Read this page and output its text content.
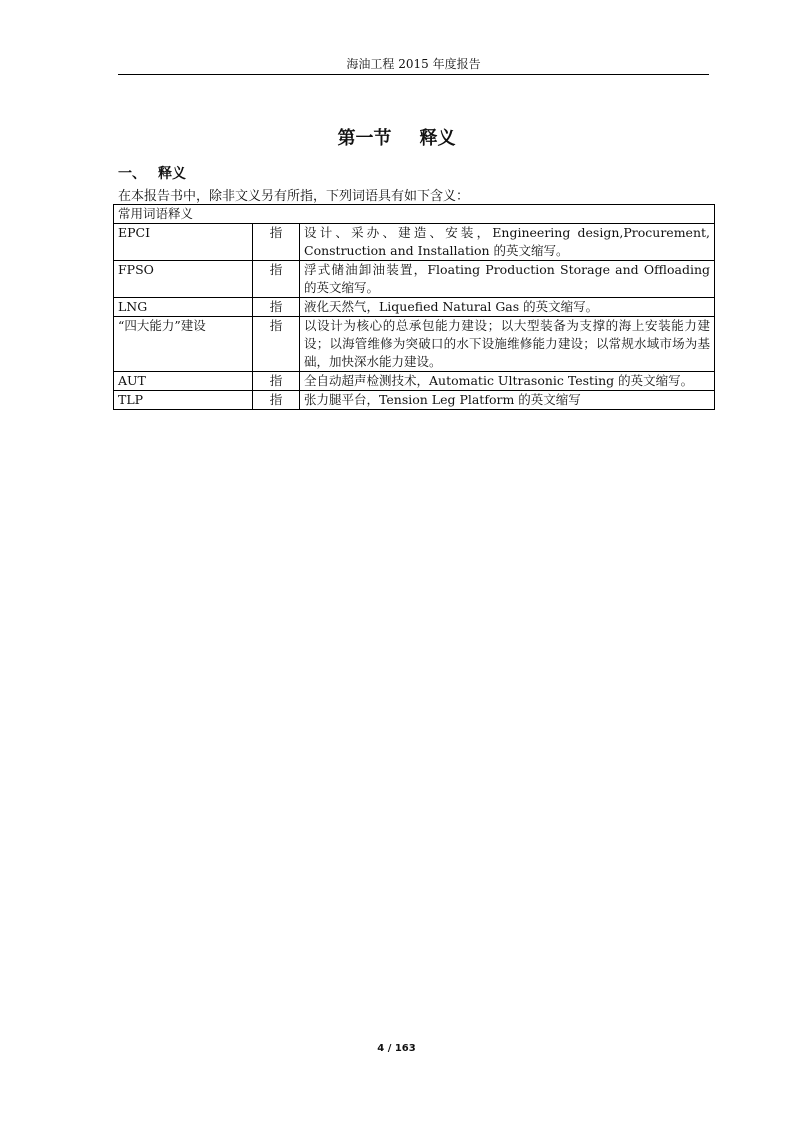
海油工程 2015 年度报告
第一节 释义
一、 释义
在本报告书中，除非文义另有所指，下列词语具有如下含义：
常用词语释义		
EPCI	指	设计、采办、建造、安装，Engineering design,Procurement, Construction and Installation 的英文缩写。
FPSO	指	浮式储油卸油装置，Floating Production Storage and Offloading 的英文缩写。
LNG	指	液化天然气，Liquefied Natural Gas 的英文缩写。
“四大能力”建设	指	以设计为核心的总承包能力建设；以大型装备为支撑的海上安装能力建设；以海管维修为突破口的水下设施维修能力建设；以常规水域市场为基础，加快深水能力建设。
AUT	指	全自动超声检测技术，Automatic Ultrasonic Testing 的英文缩写。
TLP	指	张力腿平台，Tension Leg Platform 的英文缩写
4 / 163
